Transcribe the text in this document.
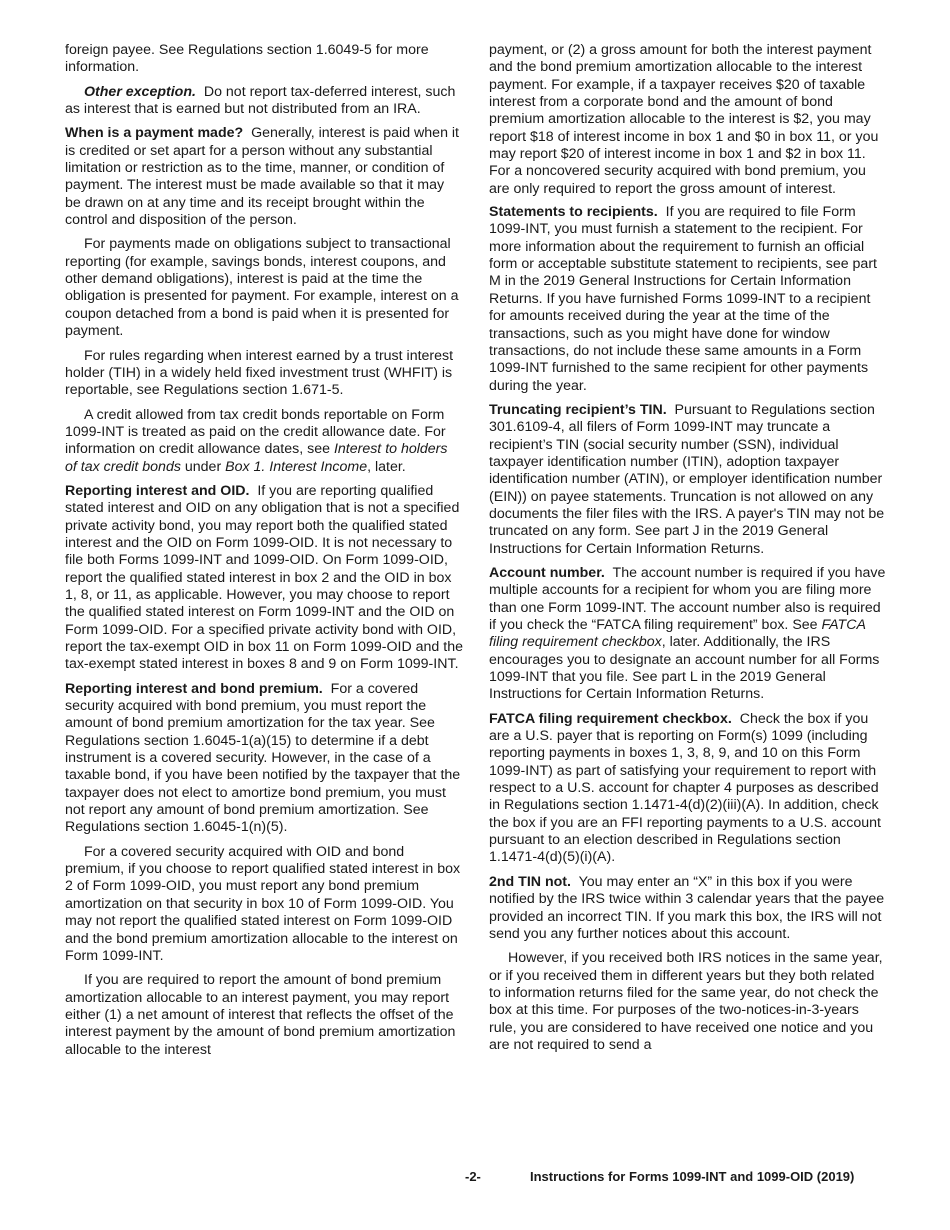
foreign payee. See Regulations section 1.6049-5 for more information.

Other exception. Do not report tax-deferred interest, such as interest that is earned but not distributed from an IRA.

When is a payment made? Generally, interest is paid when it is credited or set apart for a person without any substantial limitation or restriction as to the time, manner, or condition of payment. The interest must be made available so that it may be drawn on at any time and its receipt brought within the control and disposition of the person.

For payments made on obligations subject to transactional reporting (for example, savings bonds, interest coupons, and other demand obligations), interest is paid at the time the obligation is presented for payment. For example, interest on a coupon detached from a bond is paid when it is presented for payment.

For rules regarding when interest earned by a trust interest holder (TIH) in a widely held fixed investment trust (WHFIT) is reportable, see Regulations section 1.671-5.

A credit allowed from tax credit bonds reportable on Form 1099-INT is treated as paid on the credit allowance date. For information on credit allowance dates, see Interest to holders of tax credit bonds under Box 1. Interest Income, later.

Reporting interest and OID. If you are reporting qualified stated interest and OID on any obligation that is not a specified private activity bond, you may report both the qualified stated interest and the OID on Form 1099-OID. It is not necessary to file both Forms 1099-INT and 1099-OID. On Form 1099-OID, report the qualified stated interest in box 2 and the OID in box 1, 8, or 11, as applicable. However, you may choose to report the qualified stated interest on Form 1099-INT and the OID on Form 1099-OID. For a specified private activity bond with OID, report the tax-exempt OID in box 11 on Form 1099-OID and the tax-exempt stated interest in boxes 8 and 9 on Form 1099-INT.

Reporting interest and bond premium. For a covered security acquired with bond premium, you must report the amount of bond premium amortization for the tax year. See Regulations section 1.6045-1(a)(15) to determine if a debt instrument is a covered security. However, in the case of a taxable bond, if you have been notified by the taxpayer that the taxpayer does not elect to amortize bond premium, you must not report any amount of bond premium amortization. See Regulations section 1.6045-1(n)(5).

For a covered security acquired with OID and bond premium, if you choose to report qualified stated interest in box 2 of Form 1099-OID, you must report any bond premium amortization on that security in box 10 of Form 1099-OID. You may not report the qualified stated interest on Form 1099-OID and the bond premium amortization allocable to the interest on Form 1099-INT.

If you are required to report the amount of bond premium amortization allocable to an interest payment, you may report either (1) a net amount of interest that reflects the offset of the interest payment by the amount of bond premium amortization allocable to the interest

payment, or (2) a gross amount for both the interest payment and the bond premium amortization allocable to the interest payment. For example, if a taxpayer receives $20 of taxable interest from a corporate bond and the amount of bond premium amortization allocable to the interest is $2, you may report $18 of interest income in box 1 and $0 in box 11, or you may report $20 of interest income in box 1 and $2 in box 11. For a noncovered security acquired with bond premium, you are only required to report the gross amount of interest.

Statements to recipients. If you are required to file Form 1099-INT, you must furnish a statement to the recipient. For more information about the requirement to furnish an official form or acceptable substitute statement to recipients, see part M in the 2019 General Instructions for Certain Information Returns. If you have furnished Forms 1099-INT to a recipient for amounts received during the year at the time of the transactions, such as you might have done for window transactions, do not include these same amounts in a Form 1099-INT furnished to the same recipient for other payments during the year.

Truncating recipient’s TIN. Pursuant to Regulations section 301.6109-4, all filers of Form 1099-INT may truncate a recipient’s TIN (social security number (SSN), individual taxpayer identification number (ITIN), adoption taxpayer identification number (ATIN), or employer identification number (EIN)) on payee statements. Truncation is not allowed on any documents the filer files with the IRS. A payer's TIN may not be truncated on any form. See part J in the 2019 General Instructions for Certain Information Returns.

Account number. The account number is required if you have multiple accounts for a recipient for whom you are filing more than one Form 1099-INT. The account number also is required if you check the “FATCA filing requirement” box. See FATCA filing requirement checkbox, later. Additionally, the IRS encourages you to designate an account number for all Forms 1099-INT that you file. See part L in the 2019 General Instructions for Certain Information Returns.

FATCA filing requirement checkbox. Check the box if you are a U.S. payer that is reporting on Form(s) 1099 (including reporting payments in boxes 1, 3, 8, 9, and 10 on this Form 1099-INT) as part of satisfying your requirement to report with respect to a U.S. account for chapter 4 purposes as described in Regulations section 1.1471-4(d)(2)(iii)(A). In addition, check the box if you are an FFI reporting payments to a U.S. account pursuant to an election described in Regulations section 1.1471-4(d)(5)(i)(A).

2nd TIN not. You may enter an “X” in this box if you were notified by the IRS twice within 3 calendar years that the payee provided an incorrect TIN. If you mark this box, the IRS will not send you any further notices about this account.

However, if you received both IRS notices in the same year, or if you received them in different years but they both related to information returns filed for the same year, do not check the box at this time. For purposes of the two-notices-in-3-years rule, you are considered to have received one notice and you are not required to send a

-2-	Instructions for Forms 1099-INT and 1099-OID (2019)
